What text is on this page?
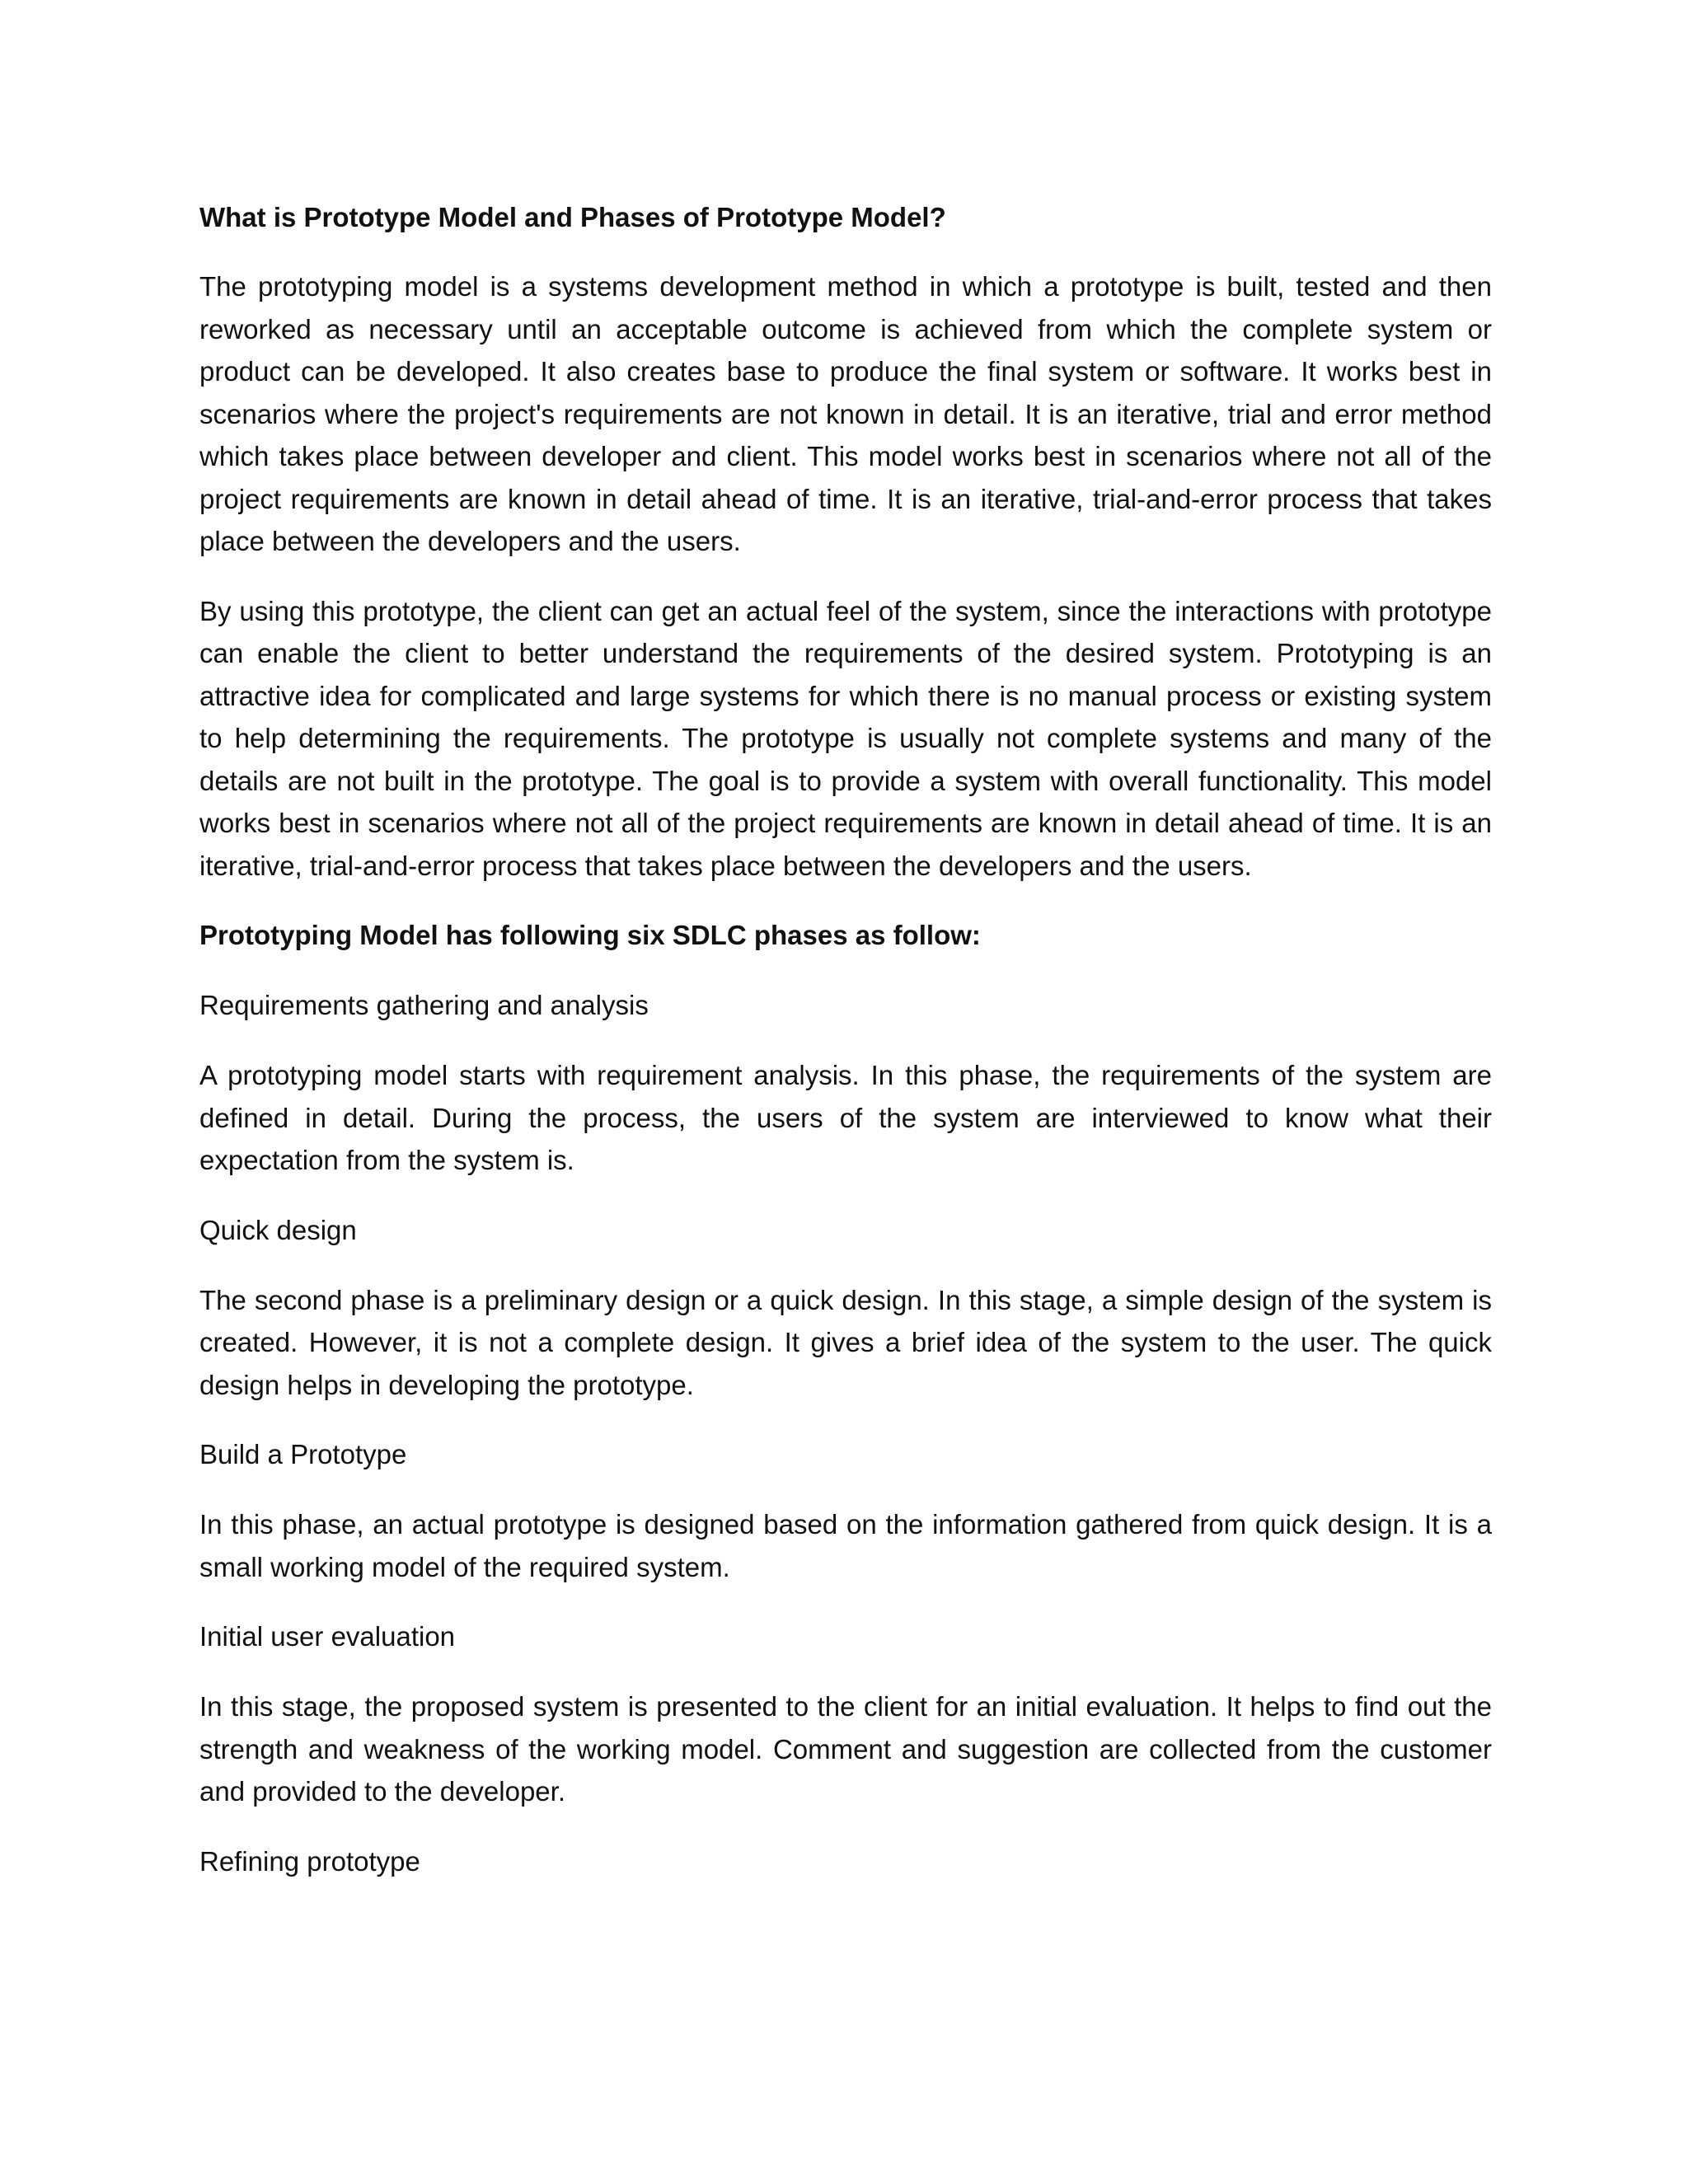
What is Prototype Model and Phases of Prototype Model?

The prototyping model is a systems development method in which a prototype is built, tested and then reworked as necessary until an acceptable outcome is achieved from which the complete system or product can be developed. It also creates base to produce the final system or software. It works best in scenarios where the project's requirements are not known in detail. It is an iterative, trial and error method which takes place between developer and client. This model works best in scenarios where not all of the project requirements are known in detail ahead of time. It is an iterative, trial-and-error process that takes place between the developers and the users.

By using this prototype, the client can get an actual feel of the system, since the interactions with prototype can enable the client to better understand the requirements of the desired system. Prototyping is an attractive idea for complicated and large systems for which there is no manual process or existing system to help determining the requirements. The prototype is usually not complete systems and many of the details are not built in the prototype. The goal is to provide a system with overall functionality. This model works best in scenarios where not all of the project requirements are known in detail ahead of time. It is an iterative, trial-and-error process that takes place between the developers and the users.

Prototyping Model has following six SDLC phases as follow:
Requirements gathering and analysis

A prototyping model starts with requirement analysis. In this phase, the requirements of the system are defined in detail. During the process, the users of the system are interviewed to know what their expectation from the system is.

Quick design

The second phase is a preliminary design or a quick design. In this stage, a simple design of the system is created. However, it is not a complete design. It gives a brief idea of the system to the user. The quick design helps in developing the prototype.

Build a Prototype

In this phase, an actual prototype is designed based on the information gathered from quick design. It is a small working model of the required system.

Initial user evaluation

In this stage, the proposed system is presented to the client for an initial evaluation. It helps to find out the strength and weakness of the working model. Comment and suggestion are collected from the customer and provided to the developer.

Refining prototype
